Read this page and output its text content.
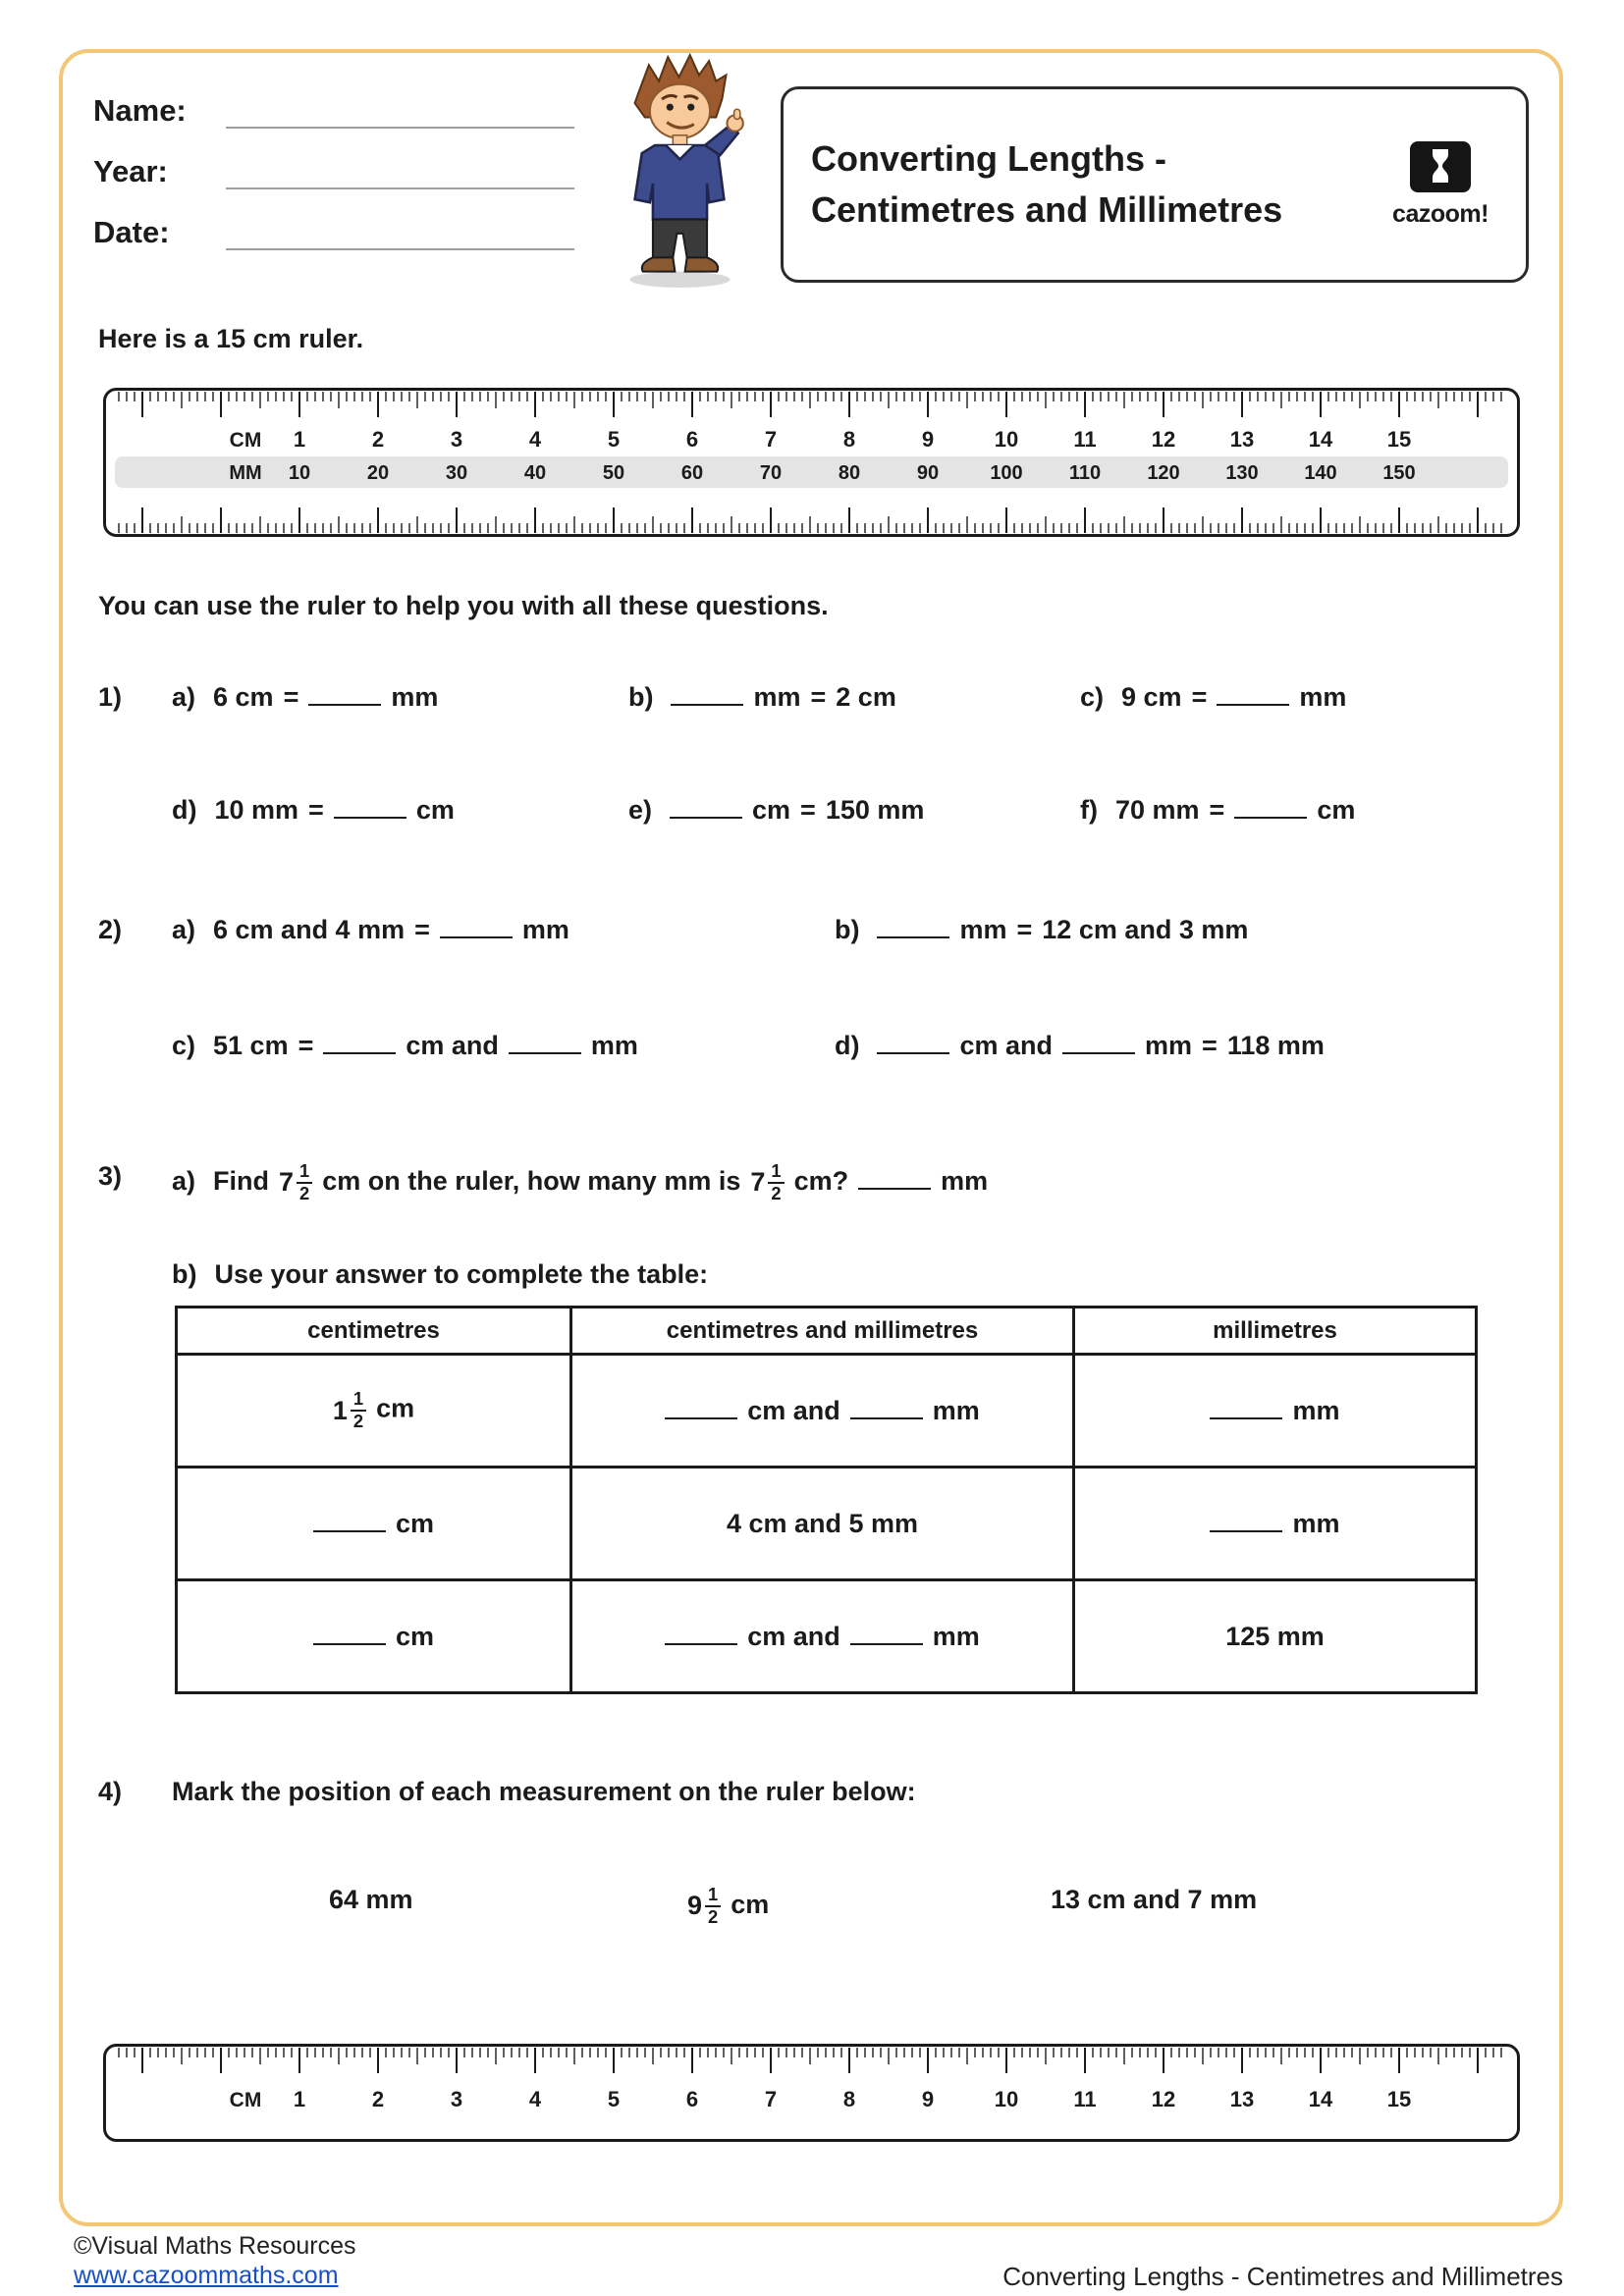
Name:
Year:
Date:
Converting Lengths -
Centimetres and Millimetres	cazoom!
Here is a 15 cm ruler.
CM 1	2	3	4	5	6	7	8	9	10	11	12	13	14	15
MM 10	20	30	40	50	60	70	80	90	100 110 120 130 140 150
You can use the ruler to help you with all these questions.
1) a) 6 cm =	mm	b)	mm = 2 cm	c) 9 cm =	mm
d) 10 mm =	cm	e)	cm = 150 mm	f) 70 mm =	cm
2) a) 6 cm and 4 mm =	mm	b)	mm = 12 cm and 3 mm
c) 51 cm =	cm and	mm	d)	cm and	mm = 118 mm
3) a) Find $7 \frac{1}{2}$ cm on the ruler, how many mm is $7 \frac{1}{2}$ cm?	mm
b) Use your answer to complete the table:
centimetres	centimetres and millimetres	millimetres

$1 \frac{1}{2}$ cm	cm and mm	mm
cm	4 cm and 5 mm	mm
cm	cm and mm	125 mm
4) Mark the position of each measurement on the ruler below:
64 mm	$9 \frac{1}{2}$ cm	13 cm and 7 mm
CM 1	2	3	4	5	6	7	8	9	10	11	12	13	14	15
©Visual Maths Resources
www.cazoommaths.com	Converting Lengths - Centimetres and Millimetres
